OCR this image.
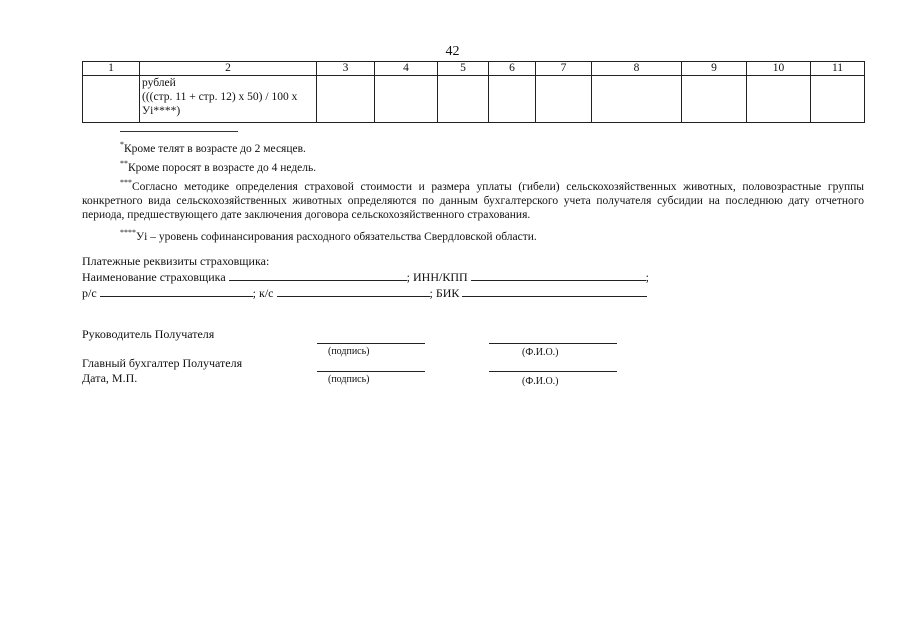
42
1	2	3	4	5	6	7	8	9	10	11

	рублей
(((стр. 11 + стр. 12) x 50) / 100 x
Уi****)									

*Кроме телят в возрасте до 2 месяцев.
**Кроме поросят в возрасте до 4 недель.
***Согласно методике определения страховой стоимости и размера уплаты (гибели) сельскохозяйственных животных, половозрастные группы конкретного вида сельскохозяйственных животных определяются по данным бухгалтерского учета получателя субсидии на последнюю дату отчетного периода, предшествующего дате заключения договора сельскохозяйственного страхования.
****Уi – уровень софинансирования расходного обязательства Свердловской области.
Платежные реквизиты страховщика:
Наименование страховщика	; ИНН/КПП	;
р/с	; к/с	; БИК
Руководитель Получателя
(подпись)	(Ф.И.О.)
Главный бухгалтер Получателя
Дата, М.П.	(подпись)	(Ф.И.О.)
